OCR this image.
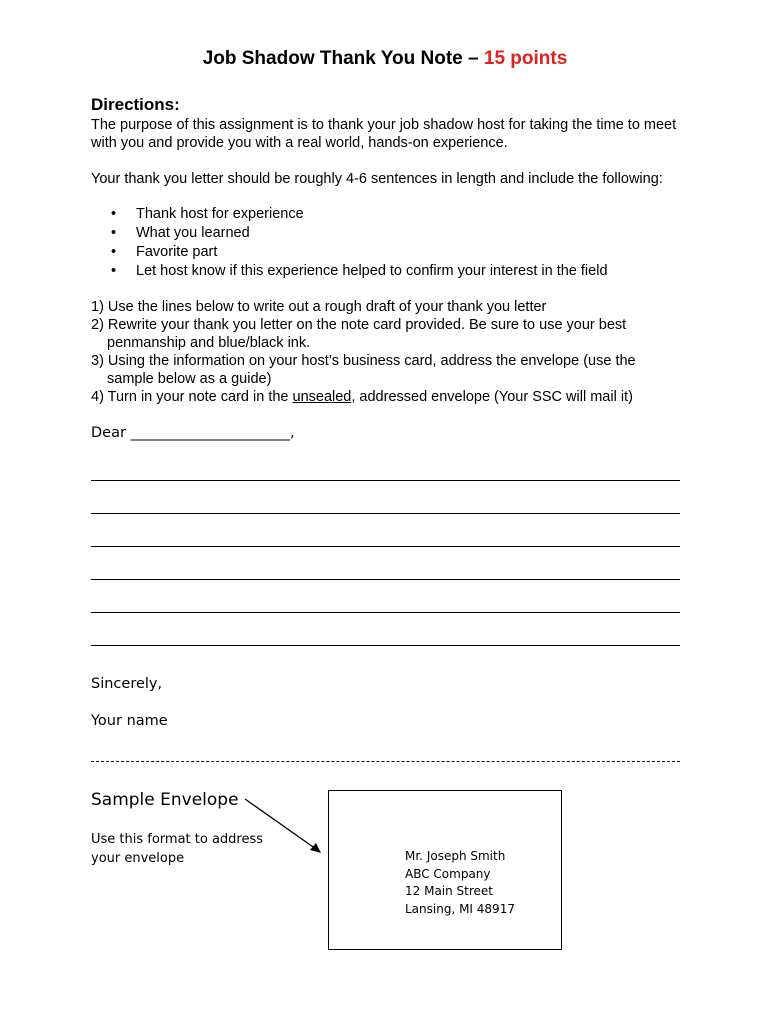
Job Shadow Thank You Note – 15 points
Directions:
The purpose of this assignment is to thank your job shadow host for taking the time to meet with you and provide you with a real world, hands-on experience.
Your thank you letter should be roughly 4-6 sentences in length and include the following:
• Thank host for experience
• What you learned
• Favorite part
• Let host know if this experience helped to confirm your interest in the field
1) Use the lines below to write out a rough draft of your thank you letter
2) Rewrite your thank you letter on the note card provided. Be sure to use your best penmanship and blue/black ink.
3) Using the information on your host’s business card, address the envelope (use the sample below as a guide)
4) Turn in your note card in the unsealed, addressed envelope (Your SSC will mail it)
Dear ______________________,
Sincerely,
Your name
Sample Envelope
Use this format to address your envelope	Mr. Joseph Smith
ABC Company
12 Main Street
Lansing, MI 48917
